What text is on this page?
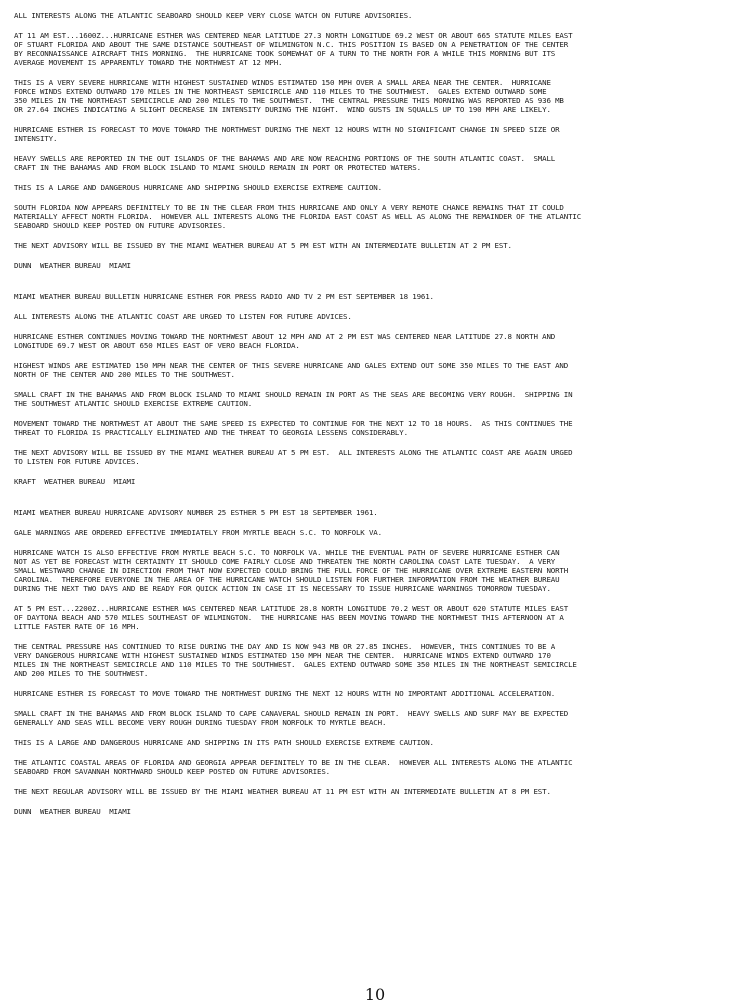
ALL INTERESTS ALONG THE ATLANTIC SEABOARD SHOULD KEEP VERY CLOSE WATCH ON FUTURE ADVISORIES.
AT 11 AM EST...1600Z...HURRICANE ESTHER WAS CENTERED NEAR LATITUDE 27.3 NORTH LONGITUDE 69.2 WEST OR ABOUT 665 STATUTE MILES EAST
OF STUART FLORIDA AND ABOUT THE SAME DISTANCE SOUTHEAST OF WILMINGTON N.C. THIS POSITION IS BASED ON A PENETRATION OF THE CENTER
BY RECONNAISSANCE AIRCRAFT THIS MORNING.  THE HURRICANE TOOK SOMEWHAT OF A TURN TO THE NORTH FOR A WHILE THIS MORNING BUT ITS
AVERAGE MOVEMENT IS APPARENTLY TOWARD THE NORTHWEST AT 12 MPH.
THIS IS A VERY SEVERE HURRICANE WITH HIGHEST SUSTAINED WINDS ESTIMATED 150 MPH OVER A SMALL AREA NEAR THE CENTER.  HURRICANE
FORCE WINDS EXTEND OUTWARD 170 MILES IN THE NORTHEAST SEMICIRCLE AND 110 MILES TO THE SOUTHWEST.  GALES EXTEND OUTWARD SOME
350 MILES IN THE NORTHEAST SEMICIRCLE AND 200 MILES TO THE SOUTHWEST.  THE CENTRAL PRESSURE THIS MORNING WAS REPORTED AS 936 MB
OR 27.64 INCHES INDICATING A SLIGHT DECREASE IN INTENSITY DURING THE NIGHT.  WIND GUSTS IN SQUALLS UP TO 190 MPH ARE LIKELY.
HURRICANE ESTHER IS FORECAST TO MOVE TOWARD THE NORTHWEST DURING THE NEXT 12 HOURS WITH NO SIGNIFICANT CHANGE IN SPEED SIZE OR
INTENSITY.
HEAVY SWELLS ARE REPORTED IN THE OUT ISLANDS OF THE BAHAMAS AND ARE NOW REACHING PORTIONS OF THE SOUTH ATLANTIC COAST.  SMALL
CRAFT IN THE BAHAMAS AND FROM BLOCK ISLAND TO MIAMI SHOULD REMAIN IN PORT OR PROTECTED WATERS.
THIS IS A LARGE AND DANGEROUS HURRICANE AND SHIPPING SHOULD EXERCISE EXTREME CAUTION.
SOUTH FLORIDA NOW APPEARS DEFINITELY TO BE IN THE CLEAR FROM THIS HURRICANE AND ONLY A VERY REMOTE CHANCE REMAINS THAT IT COULD
MATERIALLY AFFECT NORTH FLORIDA.  HOWEVER ALL INTERESTS ALONG THE FLORIDA EAST COAST AS WELL AS ALONG THE REMAINDER OF THE ATLANTIC
SEABOARD SHOULD KEEP POSTED ON FUTURE ADVISORIES.
THE NEXT ADVISORY WILL BE ISSUED BY THE MIAMI WEATHER BUREAU AT 5 PM EST WITH AN INTERMEDIATE BULLETIN AT 2 PM EST.
DUNN  WEATHER BUREAU  MIAMI
MIAMI WEATHER BUREAU BULLETIN HURRICANE ESTHER FOR PRESS RADIO AND TV 2 PM EST SEPTEMBER 18 1961.
ALL INTERESTS ALONG THE ATLANTIC COAST ARE URGED TO LISTEN FOR FUTURE ADVICES.
HURRICANE ESTHER CONTINUES MOVING TOWARD THE NORTHWEST ABOUT 12 MPH AND AT 2 PM EST WAS CENTERED NEAR LATITUDE 27.8 NORTH AND
LONGITUDE 69.7 WEST OR ABOUT 650 MILES EAST OF VERO BEACH FLORIDA.
HIGHEST WINDS ARE ESTIMATED 150 MPH NEAR THE CENTER OF THIS SEVERE HURRICANE AND GALES EXTEND OUT SOME 350 MILES TO THE EAST AND
NORTH OF THE CENTER AND 200 MILES TO THE SOUTHWEST.
SMALL CRAFT IN THE BAHAMAS AND FROM BLOCK ISLAND TO MIAMI SHOULD REMAIN IN PORT AS THE SEAS ARE BECOMING VERY ROUGH.  SHIPPING IN
THE SOUTHWEST ATLANTIC SHOULD EXERCISE EXTREME CAUTION.
MOVEMENT TOWARD THE NORTHWEST AT ABOUT THE SAME SPEED IS EXPECTED TO CONTINUE FOR THE NEXT 12 TO 18 HOURS.  AS THIS CONTINUES THE
THREAT TO FLORIDA IS PRACTICALLY ELIMINATED AND THE THREAT TO GEORGIA LESSENS CONSIDERABLY.
THE NEXT ADVISORY WILL BE ISSUED BY THE MIAMI WEATHER BUREAU AT 5 PM EST.  ALL INTERESTS ALONG THE ATLANTIC COAST ARE AGAIN URGED
TO LISTEN FOR FUTURE ADVICES.
KRAFT  WEATHER BUREAU  MIAMI
MIAMI WEATHER BUREAU HURRICANE ADVISORY NUMBER 25 ESTHER 5 PM EST 18 SEPTEMBER 1961.
GALE WARNINGS ARE ORDERED EFFECTIVE IMMEDIATELY FROM MYRTLE BEACH S.C. TO NORFOLK VA.
HURRICANE WATCH IS ALSO EFFECTIVE FROM MYRTLE BEACH S.C. TO NORFOLK VA. WHILE THE EVENTUAL PATH OF SEVERE HURRICANE ESTHER CAN
NOT AS YET BE FORECAST WITH CERTAINTY IT SHOULD COME FAIRLY CLOSE AND THREATEN THE NORTH CAROLINA COAST LATE TUESDAY.  A VERY
SMALL WESTWARD CHANGE IN DIRECTION FROM THAT NOW EXPECTED COULD BRING THE FULL FORCE OF THE HURRICANE OVER EXTREME EASTERN NORTH
CAROLINA.  THEREFORE EVERYONE IN THE AREA OF THE HURRICANE WATCH SHOULD LISTEN FOR FURTHER INFORMATION FROM THE WEATHER BUREAU
DURING THE NEXT TWO DAYS AND BE READY FOR QUICK ACTION IN CASE IT IS NECESSARY TO ISSUE HURRICANE WARNINGS TOMORROW TUESDAY.
AT 5 PM EST...2200Z...HURRICANE ESTHER WAS CENTERED NEAR LATITUDE 28.8 NORTH LONGITUDE 70.2 WEST OR ABOUT 620 STATUTE MILES EAST
OF DAYTONA BEACH AND 570 MILES SOUTHEAST OF WILMINGTON.  THE HURRICANE HAS BEEN MOVING TOWARD THE NORTHWEST THIS AFTERNOON AT A
LITTLE FASTER RATE OF 16 MPH.
THE CENTRAL PRESSURE HAS CONTINUED TO RISE DURING THE DAY AND IS NOW 943 MB OR 27.85 INCHES.  HOWEVER, THIS CONTINUES TO BE A
VERY DANGEROUS HURRICANE WITH HIGHEST SUSTAINED WINDS ESTIMATED 150 MPH NEAR THE CENTER.  HURRICANE WINDS EXTEND OUTWARD 170
MILES IN THE NORTHEAST SEMICIRCLE AND 110 MILES TO THE SOUTHWEST.  GALES EXTEND OUTWARD SOME 350 MILES IN THE NORTHEAST SEMICIRCLE
AND 200 MILES TO THE SOUTHWEST.
HURRICANE ESTHER IS FORECAST TO MOVE TOWARD THE NORTHWEST DURING THE NEXT 12 HOURS WITH NO IMPORTANT ADDITIONAL ACCELERATION.
SMALL CRAFT IN THE BAHAMAS AND FROM BLOCK ISLAND TO CAPE CANAVERAL SHOULD REMAIN IN PORT.  HEAVY SWELLS AND SURF MAY BE EXPECTED
GENERALLY AND SEAS WILL BECOME VERY ROUGH DURING TUESDAY FROM NORFOLK TO MYRTLE BEACH.
THIS IS A LARGE AND DANGEROUS HURRICANE AND SHIPPING IN ITS PATH SHOULD EXERCISE EXTREME CAUTION.
THE ATLANTIC COASTAL AREAS OF FLORIDA AND GEORGIA APPEAR DEFINITELY TO BE IN THE CLEAR.  HOWEVER ALL INTERESTS ALONG THE ATLANTIC
SEABOARD FROM SAVANNAH NORTHWARD SHOULD KEEP POSTED ON FUTURE ADVISORIES.
THE NEXT REGULAR ADVISORY WILL BE ISSUED BY THE MIAMI WEATHER BUREAU AT 11 PM EST WITH AN INTERMEDIATE BULLETIN AT 8 PM EST.
DUNN  WEATHER BUREAU  MIAMI
10
